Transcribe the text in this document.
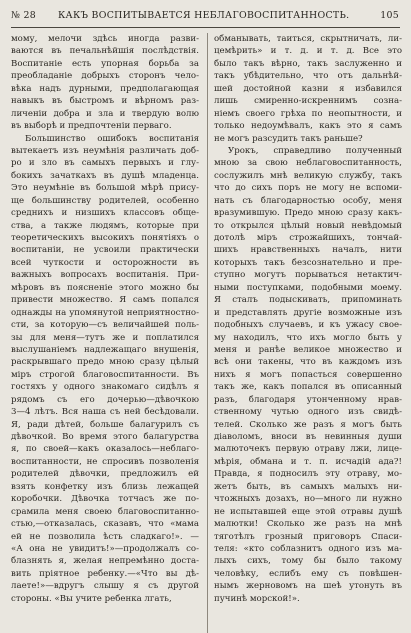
№ 28 КАКЪ ВОСПИТЫВАЕТСЯ НЕБЛАГОВОСПИТАННОСТЬ.	105
мому, мелочи здѣсь иногда разви-
ваются въ печальнѣйшія послѣдствія.
Воспитаніе есть упорная борьба за
преобладаніе добрыхъ сторонъ чело-
вѣка надъ дурными, предполагающая
навыкъ въ быстромъ и вѣрномъ раз-
личеніи добра и зла и твердую волю
въ выборѣ и предпочтеніи перваго.
Большинство ошибокъ воспитанія
вытекаетъ изъ неумѣнія различать доб-
ро и зло въ самыхъ первыхъ и глу-
бокихъ зачаткахъ въ душѣ младенца.
Это неумѣніе въ большой мѣрѣ прису-
ще большинству родителей, особенно
среднихъ и низшихъ классовъ обще-
ства, а также людямъ, которые при
теоретическихъ высокихъ понятіяхъ о
воспитаніи, не усвоили практически
всей чуткости и осторожности въ
важныхъ вопросахъ воспитанія. При-
мѣровъ въ поясненіе этого можно бы
привести множество. Я самъ попался
однажды на упомянутой неприятностно-
сти, за которую—съ величайшей поль-
зы для меня—тутъ же и поплатился
выслушаніемъ надлежащаго внушенія,
раскрывшаго предо мною сразу цѣлый
міръ строгой благовоспитанности. Въ
гостяхъ у одного знакомаго сидѣлъ я
рядомъ съ его дочерью—дѣвочкою
3—4 лѣтъ. Вся наша съ ней бесѣдовали.
Я, ради дѣтей, больше балагурилъ съ
дѣвочкой. Во время этого балагурства
я, по своей—какъ оказалось—неблаго-
воспитанности, не спросивъ позволенія
родителей дѣвочки, предложилъ ей
взять конфетку изъ близь лежащей
коробочки. Дѣвочка тотчасъ же по-
срамила меня своею благовоспитанно-
стью,—отказалась, сказавъ, что «мама
ей не позволила ѣсть сладкаго!». —
«А она не увидитъ!»—продолжалъ со-
блазнять я, желая непремѣнно доста-
вить пріятное ребенку.—«Что вы дѣ-
лаете!»—вдругъ слышу я съ другой
стороны. «Вы учите ребенка лгать,
обманывать, таиться, скрытничать, ли-
цемѣрить» и т. д. и т. д. Все это
было такъ вѣрно, такъ заслуженно и
такъ убѣдительно, что отъ дальнѣй-
шей достойной казни я избавился
лишь смиренно-искреннимъ созна-
ніемъ своего грѣха по неопытности, и
только недоумѣвалъ, какъ это я самъ
не могъ разсудить такъ раньше?
Урокъ, справедливо полученный
мною за свою неблаговоспитанность,
сослужилъ мнѣ великую службу, такъ
что до сихъ поръ не могу не вспоми-
нать съ благодарностью особу, меня
вразумившую. Предо мною сразу какъ-
то открылся цѣлый новый невѣдомый
дотолѣ міръ строжайшихъ, тончай-
шихъ нравственныхъ началъ, нити
которыхъ такъ безсознательно и пре-
ступно могутъ порываться нетактич-
ными поступками, подобными моему.
Я сталъ подыскивать, припоминать
и представлять другіе возможные изъ
подобныхъ случаевъ, и къ ужасу свое-
му находилъ, что ихъ могло быть у
меня и ранѣе великое множество и
всѣ они такены, что въ каждомъ изъ
нихъ я могъ попасться совершенно
такъ же, какъ попался въ описанный
разъ, благодаря утонченному нрав-
ственному чутью одного изъ свидѣ-
телей. Сколько же разъ я могъ быть
діаволомъ, вноси въ невинныя души
малюточекъ первую отраву лжи, лице-
мѣрія, обмана и т. п. исчадій ада?!
Правда, я подносилъ эту отраву, мо-
жетъ быть, въ самыхъ малыхъ ни-
чтожныхъ дозахъ, но—много ли нужно
не испытавшей еще этой отравы душѣ
малютки! Сколько же разъ на мнѣ
тяготѣлъ грозный приговоръ Спаси-
теля: «кто соблазнитъ одного изъ ма-
лыхъ сихъ, тому бы было такому
человѣку, еслибъ ему съ повѣшен-
нымъ жерновомъ на шеѣ утонуть въ
пучинѣ морской!».
